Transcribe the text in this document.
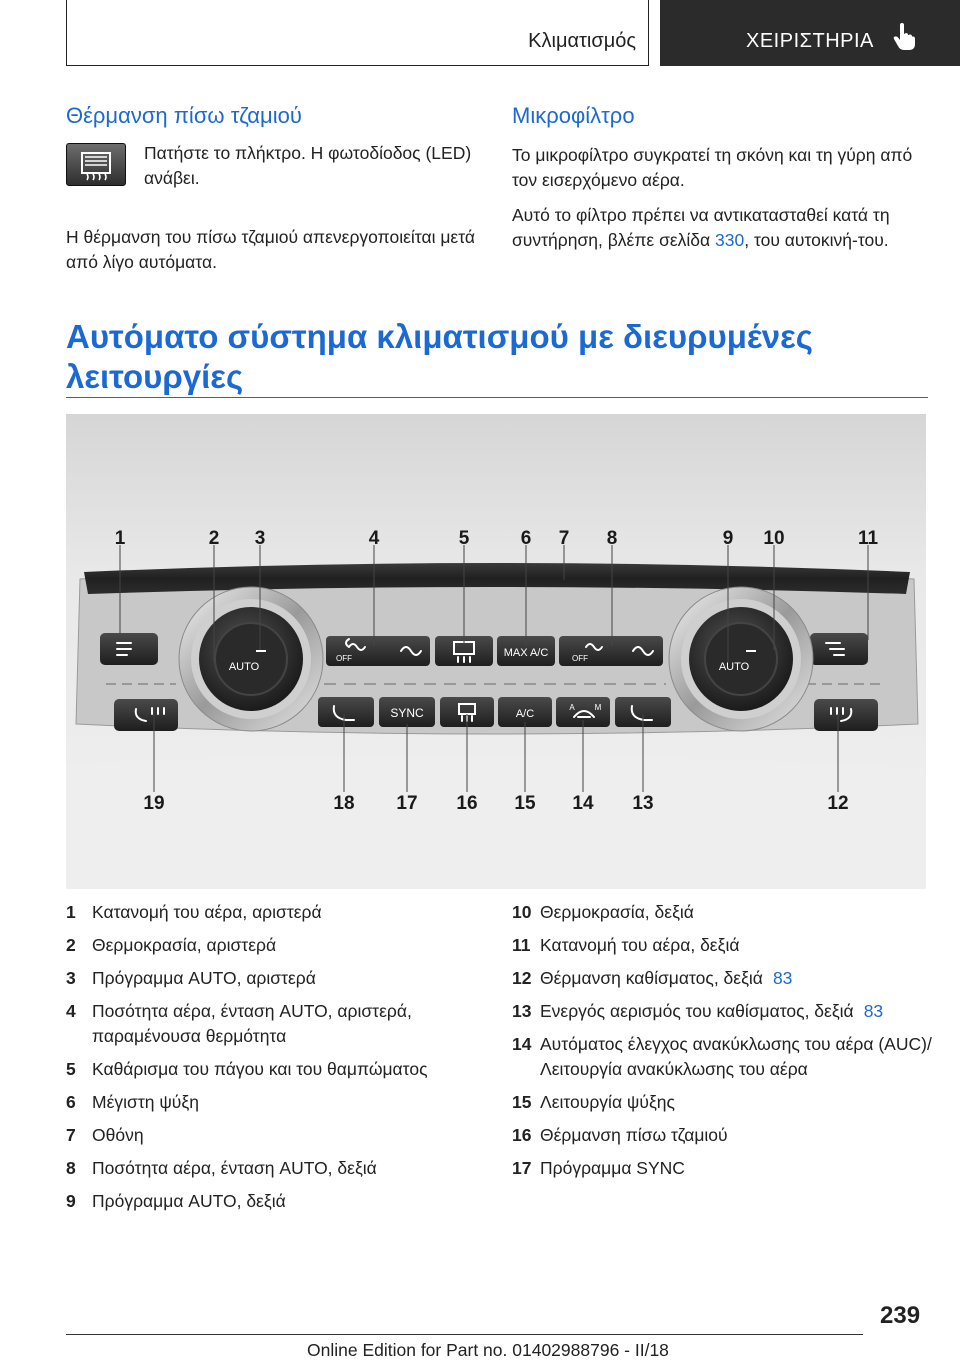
Κλιματισμός	ΧΕΙΡΙΣΤΗΡΙΑ
Θέρμανση πίσω τζαμιού

Πατήστε το πλήκτρο. Η φωτοδίοδος (LED) ανάβει.

Η θέρμανση του πίσω τζαμιού απενεργοποιείται μετά από λίγο αυτόματα.

Μικροφίλτρο

Το μικροφίλτρο συγκρατεί τη σκόνη και τη γύρη από τον εισερχόμενο αέρα.

Αυτό το φίλτρο πρέπει να αντικατασταθεί κατά τη συντήρηση, βλέπε σελίδα 330, του αυτοκινή‐του.

Αυτόματο σύστημα κλιματισμού με διευρυμένες λειτουργίες
AUTO	AUTO
OFF	OFF
MAX A/C
SYNC	A/C
A M
1	2 3	4	5	6 7 8	9 10	11
19	18 17 16 15 14 13	12
1 Κατανομή του αέρα, αριστερά
2 Θερμοκρασία, αριστερά
3 Πρόγραμμα AUTO, αριστερά
4 Ποσότητα αέρα, ένταση AUTO, αριστερά, παραμένουσα θερμότητα
5 Καθάρισμα του πάγου και του θαμπώματος
6 Μέγιστη ψύξη
7 Οθόνη
8 Ποσότητα αέρα, ένταση AUTO, δεξιά
9 Πρόγραμμα AUTO, δεξιά
10 Θερμοκρασία, δεξιά
11 Κατανομή του αέρα, δεξιά
12 Θέρμανση καθίσματος, δεξιά 83
13 Ενεργός αερισμός του καθίσματος, δεξιά 83
14 Αυτόματος έλεγχος ανακύκλωσης του αέρα (AUC)/Λειτουργία ανακύκλωσης του αέρα
15 Λειτουργία ψύξης
16 Θέρμανση πίσω τζαμιού
17 Πρόγραμμα SYNC
239
Online Edition for Part no. 01402988796 - II/18
